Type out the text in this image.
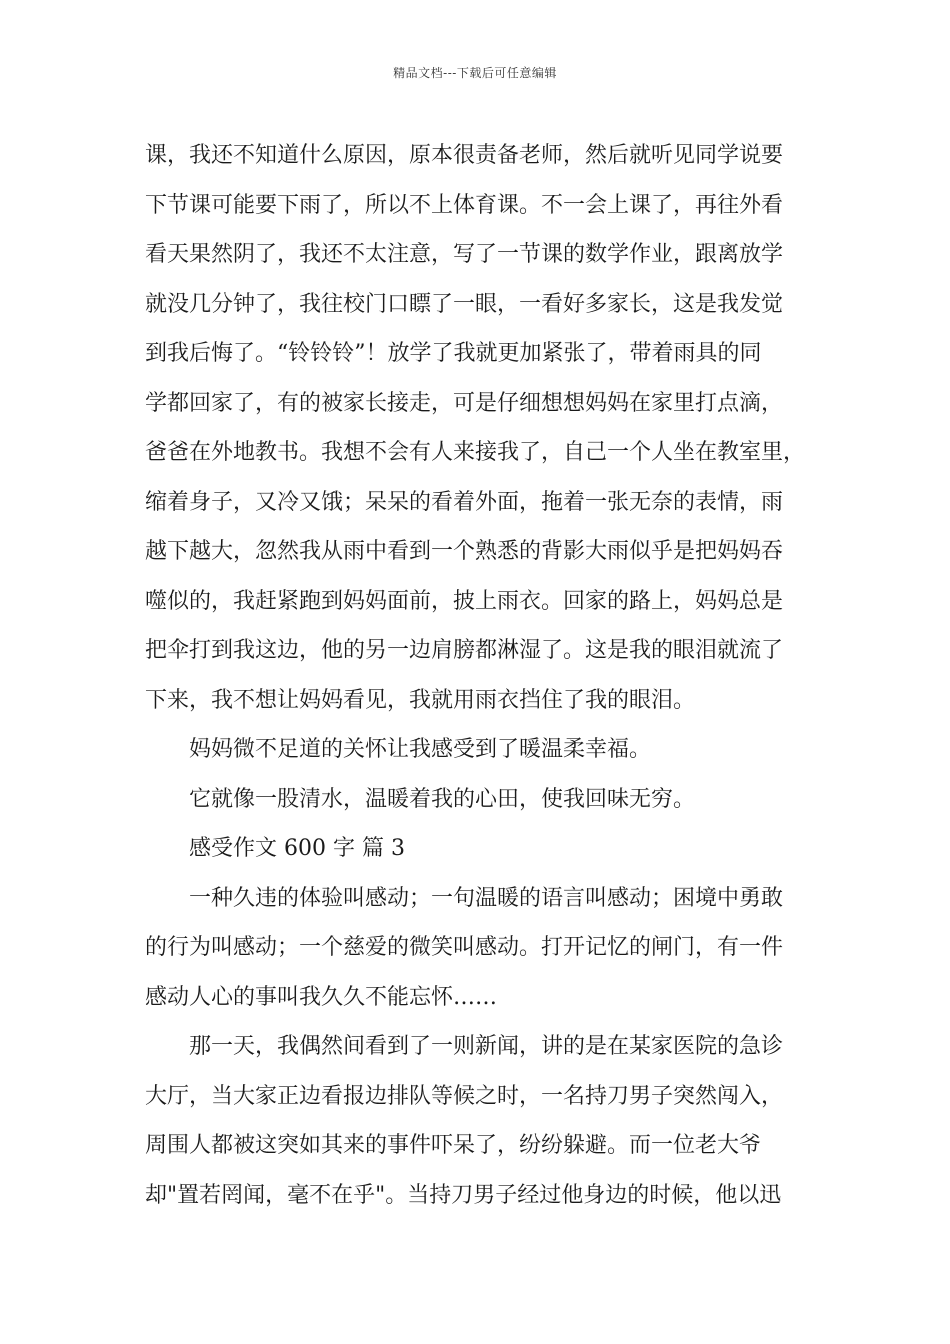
精品文档---下载后可任意编辑
课，我还不知道什么原因，原本很责备老师，然后就听见同学说要
下节课可能要下雨了，所以不上体育课。不一会上课了，再往外看
看天果然阴了，我还不太注意，写了一节课的数学作业，跟离放学
就没几分钟了，我往校门口瞟了一眼，一看好多家长，这是我发觉
到我后悔了。“铃铃铃”！放学了我就更加紧张了，带着雨具的同
学都回家了，有的被家长接走，可是仔细想想妈妈在家里打点滴，
爸爸在外地教书。我想不会有人来接我了，自己一个人坐在教室里，
缩着身子，又冷又饿；呆呆的看着外面，拖着一张无奈的表情，雨
越下越大，忽然我从雨中看到一个熟悉的背影大雨似乎是把妈妈吞
噬似的，我赶紧跑到妈妈面前，披上雨衣。回家的路上，妈妈总是
把伞打到我这边，他的另一边肩膀都淋湿了。这是我的眼泪就流了
下来，我不想让妈妈看见，我就用雨衣挡住了我的眼泪。
妈妈微不足道的关怀让我感受到了暖温柔幸福。
它就像一股清水，温暖着我的心田，使我回味无穷。
感受作文 600 字 篇 3
一种久违的体验叫感动；一句温暖的语言叫感动；困境中勇敢
的行为叫感动；一个慈爱的微笑叫感动。打开记忆的闸门，有一件
感动人心的事叫我久久不能忘怀……
那一天，我偶然间看到了一则新闻，讲的是在某家医院的急诊
大厅，当大家正边看报边排队等候之时，一名持刀男子突然闯入，
周围人都被这突如其来的事件吓呆了，纷纷躲避。而一位老大爷
却"置若罔闻，毫不在乎"。当持刀男子经过他身边的时候，他以迅
